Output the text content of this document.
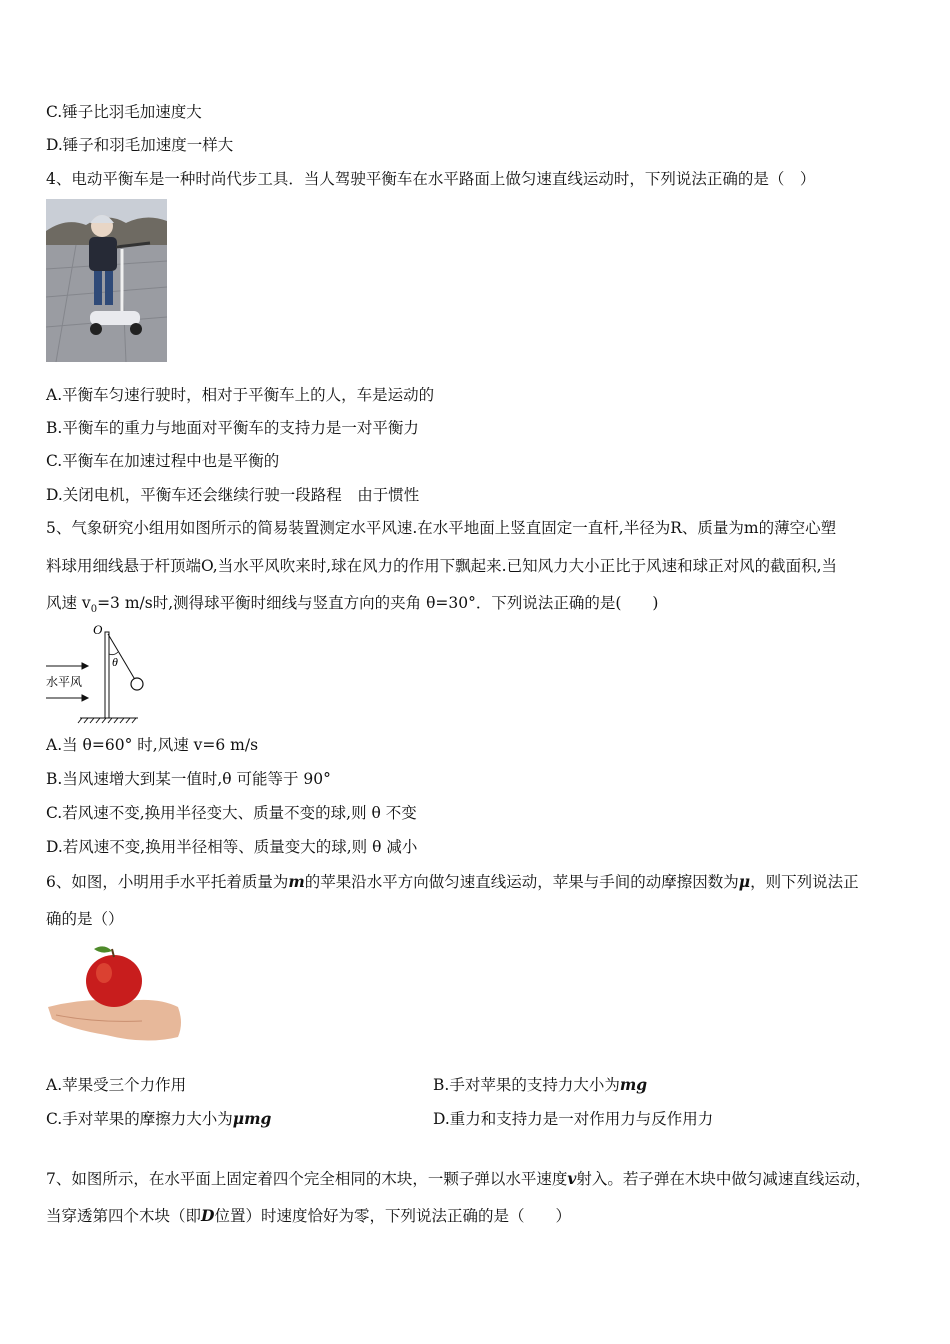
C.锤子比羽毛加速度大
D.锤子和羽毛加速度一样大
4、电动平衡车是一种时尚代步工具．当人驾驶平衡车在水平路面上做匀速直线运动时，下列说法正确的是（　）
A.平衡车匀速行驶时，相对于平衡车上的人，车是运动的
B.平衡车的重力与地面对平衡车的支持力是一对平衡力
C.平衡车在加速过程中也是平衡的
D.关闭电机，平衡车还会继续行驶一段路程　由于惯性
5、气象研究小组用如图所示的简易装置测定水平风速.在水平地面上竖直固定一直杆,半径为R、质量为m的薄空心塑
料球用细线悬于杆顶端O,当水平风吹来时,球在风力的作用下飘起来.已知风力大小正比于风速和球正对风的截面积,当
风速 $v_0=3$ m/s时,测得球平衡时细线与竖直方向的夹角 θ=30°．下列说法正确的是(　　)
O
θ
水平风
A.当 θ=60° 时,风速 v=6 m/s
B.当风速增大到某一值时,θ 可能等于 90°
C.若风速不变,换用半径变大、质量不变的球,则 θ 不变
D.若风速不变,换用半径相等、质量变大的球,则 θ 减小
6、如图，小明用手水平托着质量为m的苹果沿水平方向做匀速直线运动，苹果与手间的动摩擦因数为μ，则下列说法正
确的是（）
A.苹果受三个力作用	B.手对苹果的支持力大小为mg
C.手对苹果的摩擦力大小为μmg	D.重力和支持力是一对作用力与反作用力
7、如图所示，在水平面上固定着四个完全相同的木块，一颗子弹以水平速度v射入。若子弹在木块中做匀减速直线运动，
当穿透第四个木块（即D位置）时速度恰好为零，下列说法正确的是（　　）
